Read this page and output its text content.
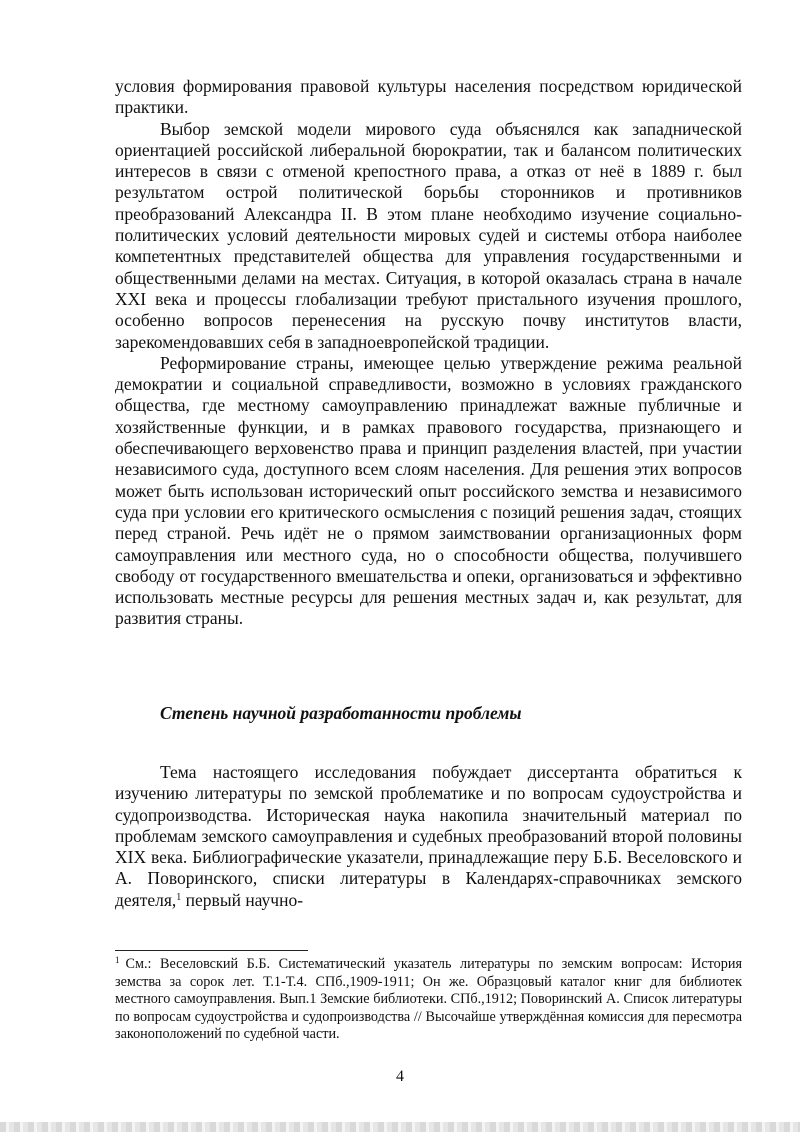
условия формирования правовой культуры населения посредством юридической практики.

Выбор земской модели мирового суда объяснялся как западнической ориентацией российской либеральной бюрократии, так и балансом политических интересов в связи с отменой крепостного права, а отказ от неё в 1889 г. был результатом острой политической борьбы сторонников и противников преобразований Александра II. В этом плане необходимо изучение социально-политических условий деятельности мировых судей и системы отбора наиболее компетентных представителей общества для управления государственными и общественными делами на местах. Ситуация, в которой оказалась страна в начале XXI века и процессы глобализации требуют пристального изучения прошлого, особенно вопросов перенесения на русскую почву институтов власти, зарекомендовавших себя в западноевропейской традиции.

Реформирование страны, имеющее целью утверждение режима реальной демократии и социальной справедливости, возможно в условиях гражданского общества, где местному самоуправлению принадлежат важные публичные и хозяйственные функции, и в рамках правового государства, признающего и обеспечивающего верховенство права и принцип разделения властей, при участии независимого суда, доступного всем слоям населения. Для решения этих вопросов может быть использован исторический опыт российского земства и независимого суда при условии его критического осмысления с позиций решения задач, стоящих перед страной. Речь идёт не о прямом заимствовании организационных форм самоуправления или местного суда, но о способности общества, получившего свободу от государственного вмешательства и опеки, организоваться и эффективно использовать местные ресурсы для решения местных задач и, как результат, для развития страны.

Степень научной разработанности проблемы

Тема настоящего исследования побуждает диссертанта обратиться к изучению литературы по земской проблематике и по вопросам судоустройства и судопроизводства. Историческая наука накопила значительный материал по проблемам земского самоуправления и судебных преобразований второй половины XIX века. Библиографические указатели, принадлежащие перу Б.Б. Веселовского и А. Поворинского, списки литературы в Календарях-справочниках земского деятеля,$^1$ первый научно-

$^1$ См.: Веселовский Б.Б. Систематический указатель литературы по земским вопросам: История земства за сорок лет. Т.1-Т.4. СПб.,1909-1911; Он же. Образцовый каталог книг для библиотек местного самоуправления. Вып.1 Земские библиотеки. СПб.,1912; Поворинский А. Список литературы по вопросам судоустройства и судопроизводства // Высочайше утверждённая комиссия для пересмотра законоположений по судебной части.
4
